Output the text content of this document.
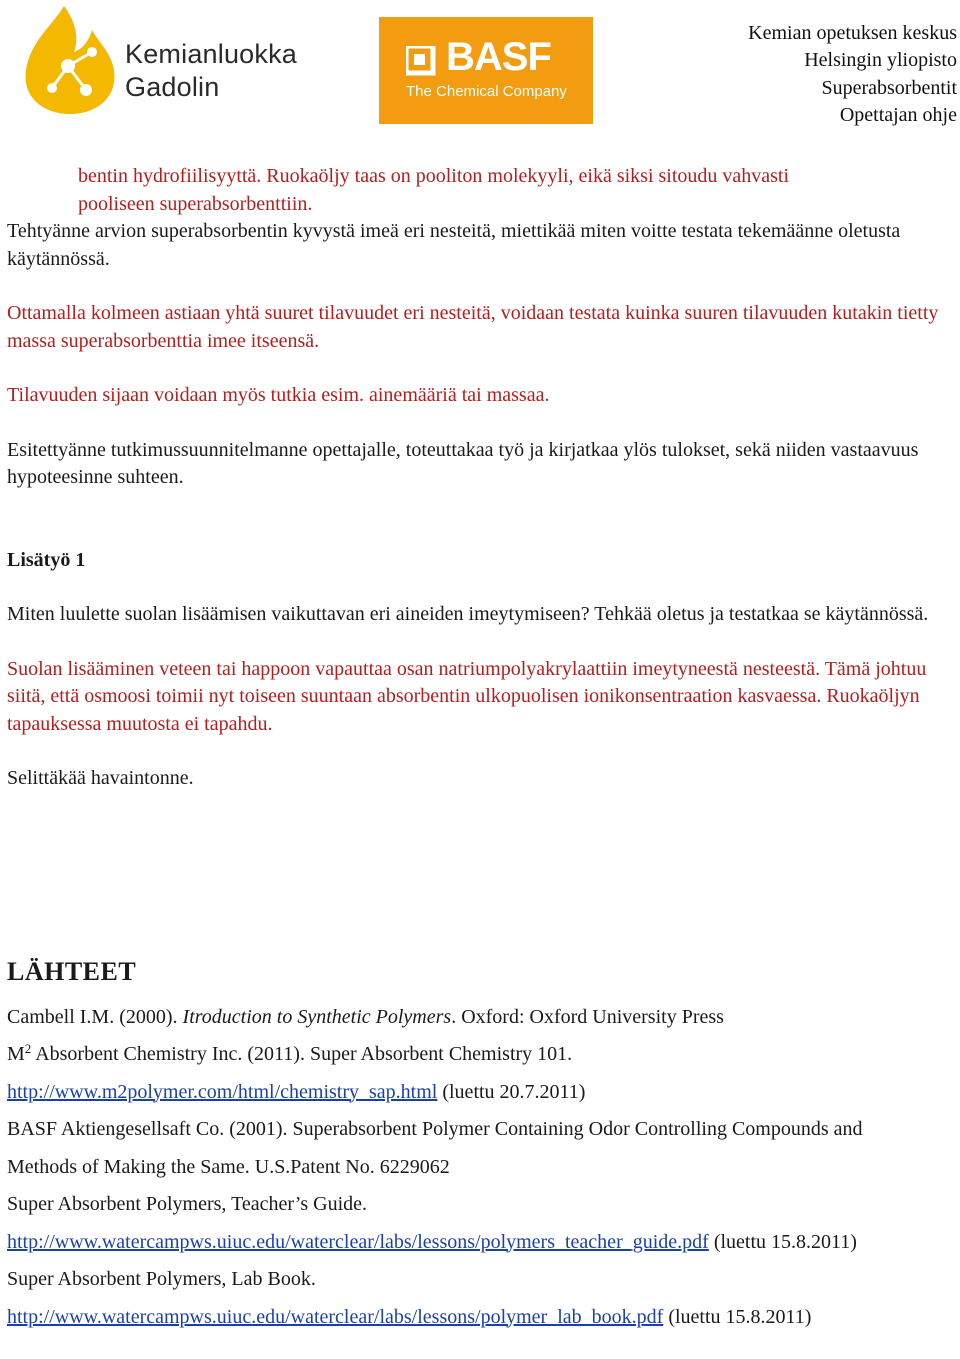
Kemianluokka
Gadolin
BASF
The Chemical Company
Kemian opetuksen keskus
Helsingin yliopisto
Superabsorbentit
Opettajan ohje

bentin hydrofiilisyyttä. Ruokaöljy taas on pooliton molekyyli, eikä siksi sitoudu vahvasti
pooliseen superabsorbenttiin.

Tehtyänne arvion superabsorbentin kyvystä imeä eri nesteitä, miettikää miten voitte testata tekemäänne oletusta käytännössä.

Ottamalla kolmeen astiaan yhtä suuret tilavuudet eri nesteitä, voidaan testata kuinka suuren tilavuuden kutakin tietty massa superabsorbenttia imee itseensä.

Tilavuuden sijaan voidaan myös tutkia esim. ainemääriä tai massaa.

Esitettyänne tutkimussuunnitelmanne opettajalle, toteuttakaa työ ja kirjatkaa ylös tulokset, sekä niiden vastaavuus hypoteesinne suhteen.

Lisätyö 1

Miten luulette suolan lisäämisen vaikuttavan eri aineiden imeytymiseen? Tehkää oletus ja testatkaa se käytännössä.

Suolan lisääminen veteen tai happoon vapauttaa osan natriumpolyakrylaattiin imeytyneestä nesteestä. Tämä johtuu siitä, että osmoosi toimii nyt toiseen suuntaan absorbentin ulkopuolisen ionikonsentraation kasvaessa. Ruokaöljyn tapauksessa muutosta ei tapahdu.

Selittäkää havaintonne.

LÄHTEET

Cambell I.M. (2000). Itroduction to Synthetic Polymers. Oxford: Oxford University Press

$M^2$ Absorbent Chemistry Inc. (2011). Super Absorbent Chemistry 101.

http://www.m2polymer.com/html/chemistry_sap.html (luettu 20.7.2011)

BASF Aktiengesellsaft Co. (2001). Superabsorbent Polymer Containing Odor Controlling Compounds and

Methods of Making the Same. U.S.Patent No. 6229062

Super Absorbent Polymers, Teacher’s Guide.

http://www.watercampws.uiuc.edu/waterclear/labs/lessons/polymers_teacher_guide.pdf (luettu 15.8.2011)

Super Absorbent Polymers, Lab Book.

http://www.watercampws.uiuc.edu/waterclear/labs/lessons/polymer_lab_book.pdf (luettu 15.8.2011)
